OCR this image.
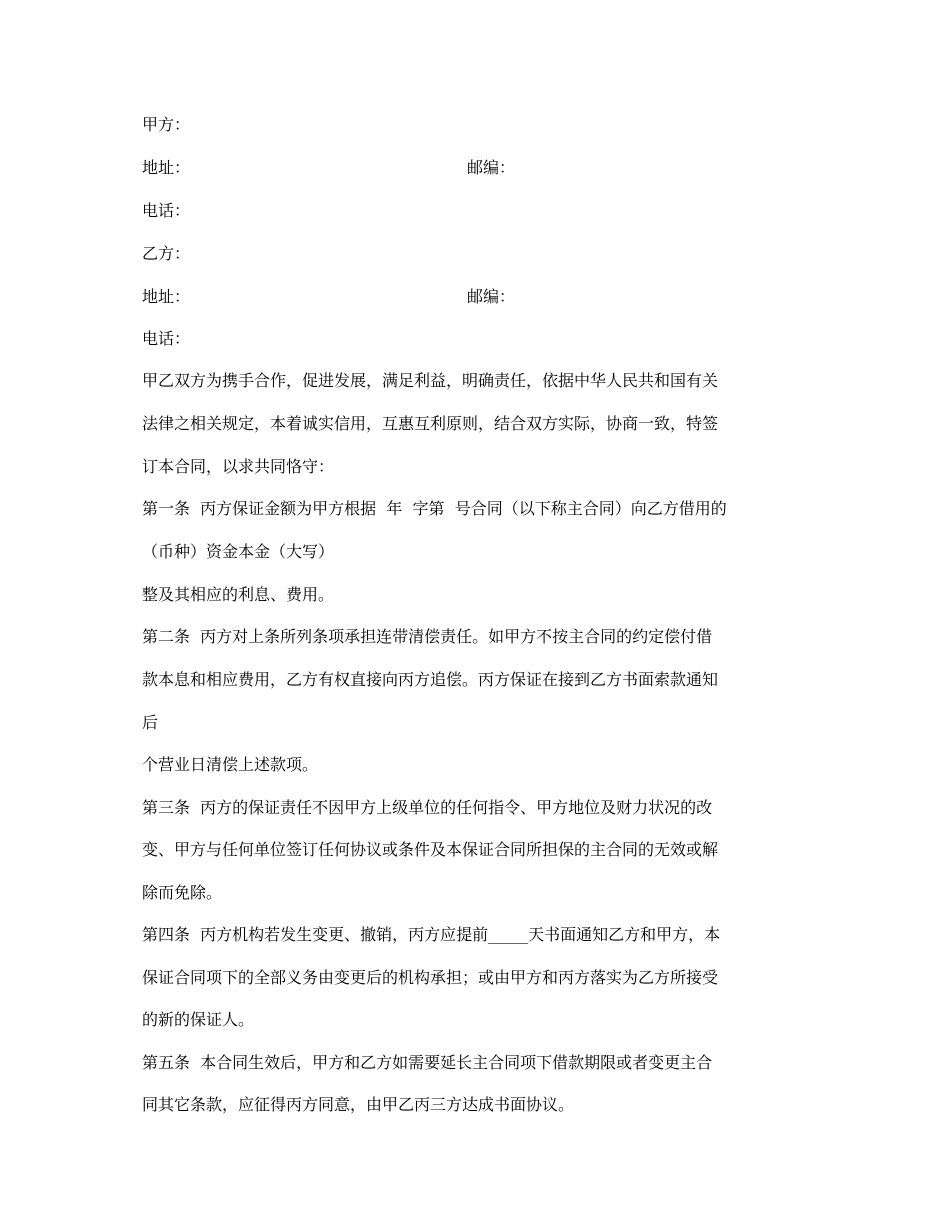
甲方：
地址：	邮编：
电话：
乙方：
地址：	邮编：
电话：
甲乙双方为携手合作，促进发展，满足利益，明确责任，依据中华人民共和国有关
法律之相关规定，本着诚实信用，互惠互利原则，结合双方实际，协商一致，特签
订本合同，以求共同恪守：
第一条  丙方保证金额为甲方根据  年  字第  号合同（以下称主合同）向乙方借用的
（币种）资金本金（大写）
整及其相应的利息、费用。
第二条  丙方对上条所列条项承担连带清偿责任。如甲方不按主合同的约定偿付借
款本息和相应费用，乙方有权直接向丙方追偿。丙方保证在接到乙方书面索款通知
后
个营业日清偿上述款项。
第三条  丙方的保证责任不因甲方上级单位的任何指令、甲方地位及财力状况的改
变、甲方与任何单位签订任何协议或条件及本保证合同所担保的主合同的无效或解
除而免除。
第四条  丙方机构若发生变更、撤销，丙方应提前_____天书面通知乙方和甲方，本
保证合同项下的全部义务由变更后的机构承担；或由甲方和丙方落实为乙方所接受
的新的保证人。
第五条  本合同生效后，甲方和乙方如需要延长主合同项下借款期限或者变更主合
同其它条款，应征得丙方同意，由甲乙丙三方达成书面协议。
